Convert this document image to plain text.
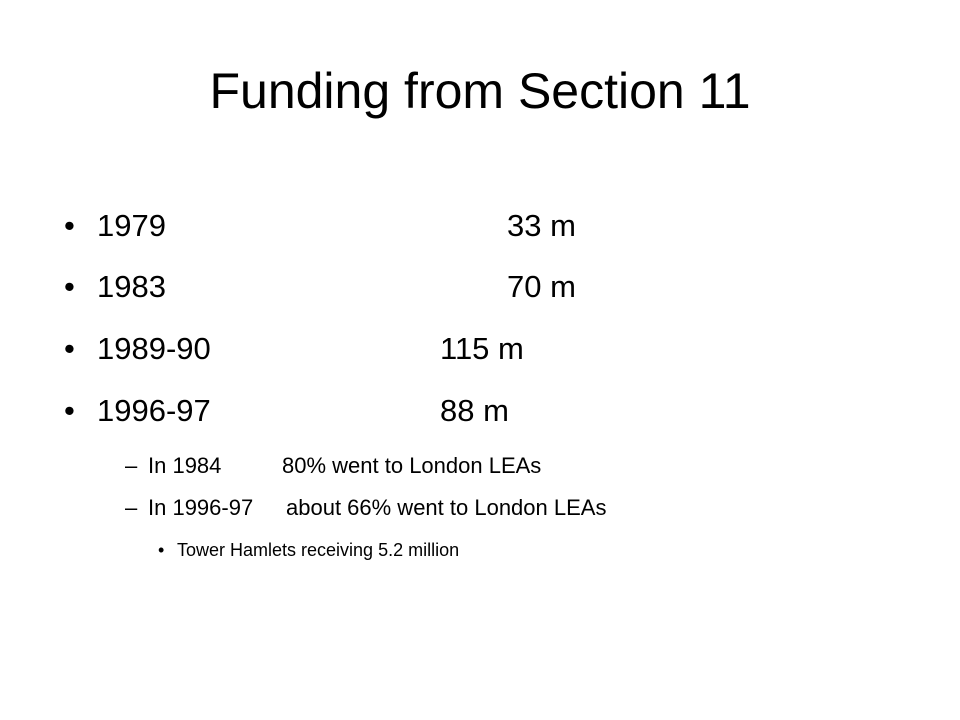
Funding from Section 11
• 1979	33 m
• 1983	70 m
• 1989-90	115 m
• 1996-97	88 m
– In 1984	80% went to London LEAs
– In 1996-97 about 66% went to London LEAs
• Tower Hamlets receiving 5.2 million
